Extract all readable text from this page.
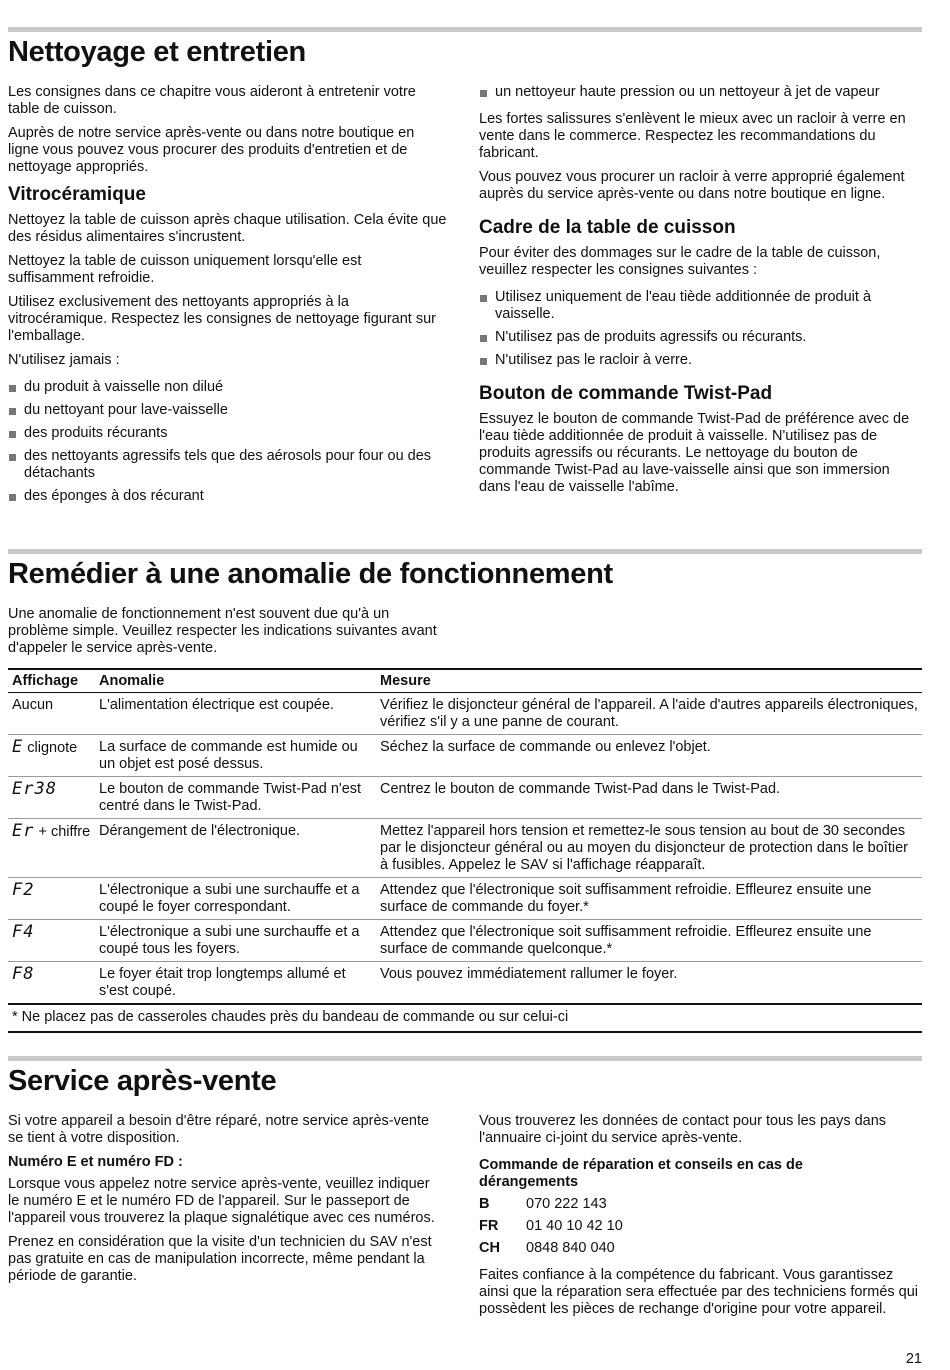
Nettoyage et entretien

Les consignes dans ce chapitre vous aideront à entretenir votre table de cuisson.

Auprès de notre service après-vente ou dans notre boutique en ligne vous pouvez vous procurer des produits d'entretien et de nettoyage appropriés.

Vitrocéramique

Nettoyez la table de cuisson après chaque utilisation. Cela évite que des résidus alimentaires s'incrustent.

Nettoyez la table de cuisson uniquement lorsqu'elle est suffisamment refroidie.

Utilisez exclusivement des nettoyants appropriés à la vitrocéramique. Respectez les consignes de nettoyage figurant sur l'emballage.

N'utilisez jamais :

du produit à vaisselle non dilué
du nettoyant pour lave-vaisselle
des produits récurants
des nettoyants agressifs tels que des aérosols pour four ou des détachants
des éponges à dos récurant
un nettoyeur haute pression ou un nettoyeur à jet de vapeur

Les fortes salissures s'enlèvent le mieux avec un racloir à verre en vente dans le commerce. Respectez les recommandations du fabricant.

Vous pouvez vous procurer un racloir à verre approprié également auprès du service après-vente ou dans notre boutique en ligne.

Cadre de la table de cuisson

Pour éviter des dommages sur le cadre de la table de cuisson, veuillez respecter les consignes suivantes :

Utilisez uniquement de l'eau tiède additionnée de produit à vaisselle.
N'utilisez pas de produits agressifs ou récurants.
N'utilisez pas le racloir à verre.
Bouton de commande Twist-Pad

Essuyez le bouton de commande Twist-Pad de préférence avec de l'eau tiède additionnée de produit à vaisselle. N'utilisez pas de produits agressifs ou récurants. Le nettoyage du bouton de commande Twist-Pad au lave-vaisselle ainsi que son immersion dans l'eau de vaisselle l'abîme.

Remédier à une anomalie de fonctionnement

Une anomalie de fonctionnement n'est souvent due qu'à un problème simple. Veuillez respecter les indications suivantes avant d'appeler le service après-vente.

Affichage	Anomalie	Mesure
Aucun	L'alimentation électrique est coupée.	Vérifiez le disjoncteur général de l'appareil. A l'aide d'autres appareils électroniques, vérifiez s'il y a une panne de courant.
E clignote	La surface de commande est humide ou un objet est posé dessus.	Séchez la surface de commande ou enlevez l'objet.
Er38	Le bouton de commande Twist-Pad n'est centré dans le Twist-Pad.	Centrez le bouton de commande Twist-Pad dans le Twist-Pad.
Er + chiffre	Dérangement de l'électronique.	Mettez l'appareil hors tension et remettez-le sous tension au bout de 30 secondes par le disjoncteur général ou au moyen du disjoncteur de protection dans le boîtier à fusibles. Appelez le SAV si l'affichage réapparaît.
F2	L'électronique a subi une surchauffe et a coupé le foyer correspondant.	Attendez que l'électronique soit suffisamment refroidie. Effleurez ensuite une surface de commande du foyer.*
F4	L'électronique a subi une surchauffe et a coupé tous les foyers.	Attendez que l'électronique soit suffisamment refroidie. Effleurez ensuite une surface de commande quelconque.*
F8	Le foyer était trop longtemps allumé et s'est coupé.	Vous pouvez immédiatement rallumer le foyer.
* Ne placez pas de casseroles chaudes près du bandeau de commande ou sur celui-ci		
Service après-vente

Si votre appareil a besoin d'être réparé, notre service après-vente se tient à votre disposition.

Numéro E et numéro FD :

Lorsque vous appelez notre service après-vente, veuillez indiquer le numéro E et le numéro FD de l'appareil. Sur le passeport de l'appareil vous trouverez la plaque signalétique avec ces numéros.

Prenez en considération que la visite d'un technicien du SAV n'est pas gratuite en cas de manipulation incorrecte, même pendant la période de garantie.

Vous trouverez les données de contact pour tous les pays dans l'annuaire ci-joint du service après-vente.

Commande de réparation et conseils en cas de dérangements
B	070 222 143
FR	01 40 10 42 10
CH	0848 840 040

Faites confiance à la compétence du fabricant. Vous garantissez ainsi que la réparation sera effectuée par des techniciens formés qui possèdent les pièces de rechange d'origine pour votre appareil.

21
